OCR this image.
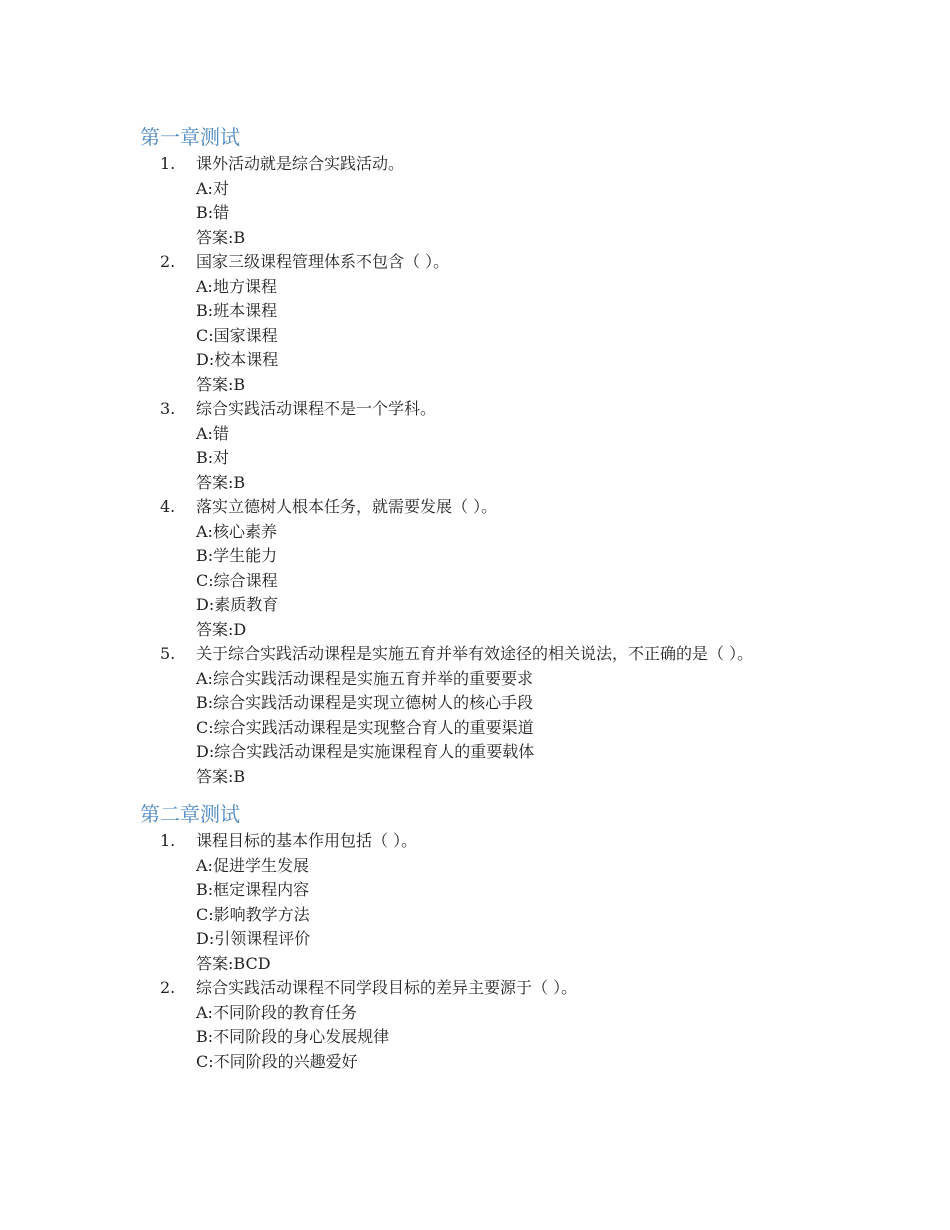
第一章测试
1.	课外活动就是综合实践活动。
A:对
B:错
答案:B
2.	国家三级课程管理体系不包含（ ）。
A:地方课程
B:班本课程
C:国家课程
D:校本课程
答案:B
3.	综合实践活动课程不是一个学科。
A:错
B:对
答案:B
4.	落实立德树人根本任务，就需要发展（ ）。
A:核心素养
B:学生能力
C:综合课程
D:素质教育
答案:D
5.	关于综合实践活动课程是实施五育并举有效途径的相关说法，不正确的是（ ）。
A:综合实践活动课程是实施五育并举的重要要求
B:综合实践活动课程是实现立德树人的核心手段
C:综合实践活动课程是实现整合育人的重要渠道
D:综合实践活动课程是实施课程育人的重要载体
答案:B
第二章测试
1.	课程目标的基本作用包括（ ）。
A:促进学生发展
B:框定课程内容
C:影响教学方法
D:引领课程评价
答案:BCD
2.	综合实践活动课程不同学段目标的差异主要源于（ ）。
A:不同阶段的教育任务
B:不同阶段的身心发展规律
C:不同阶段的兴趣爱好
